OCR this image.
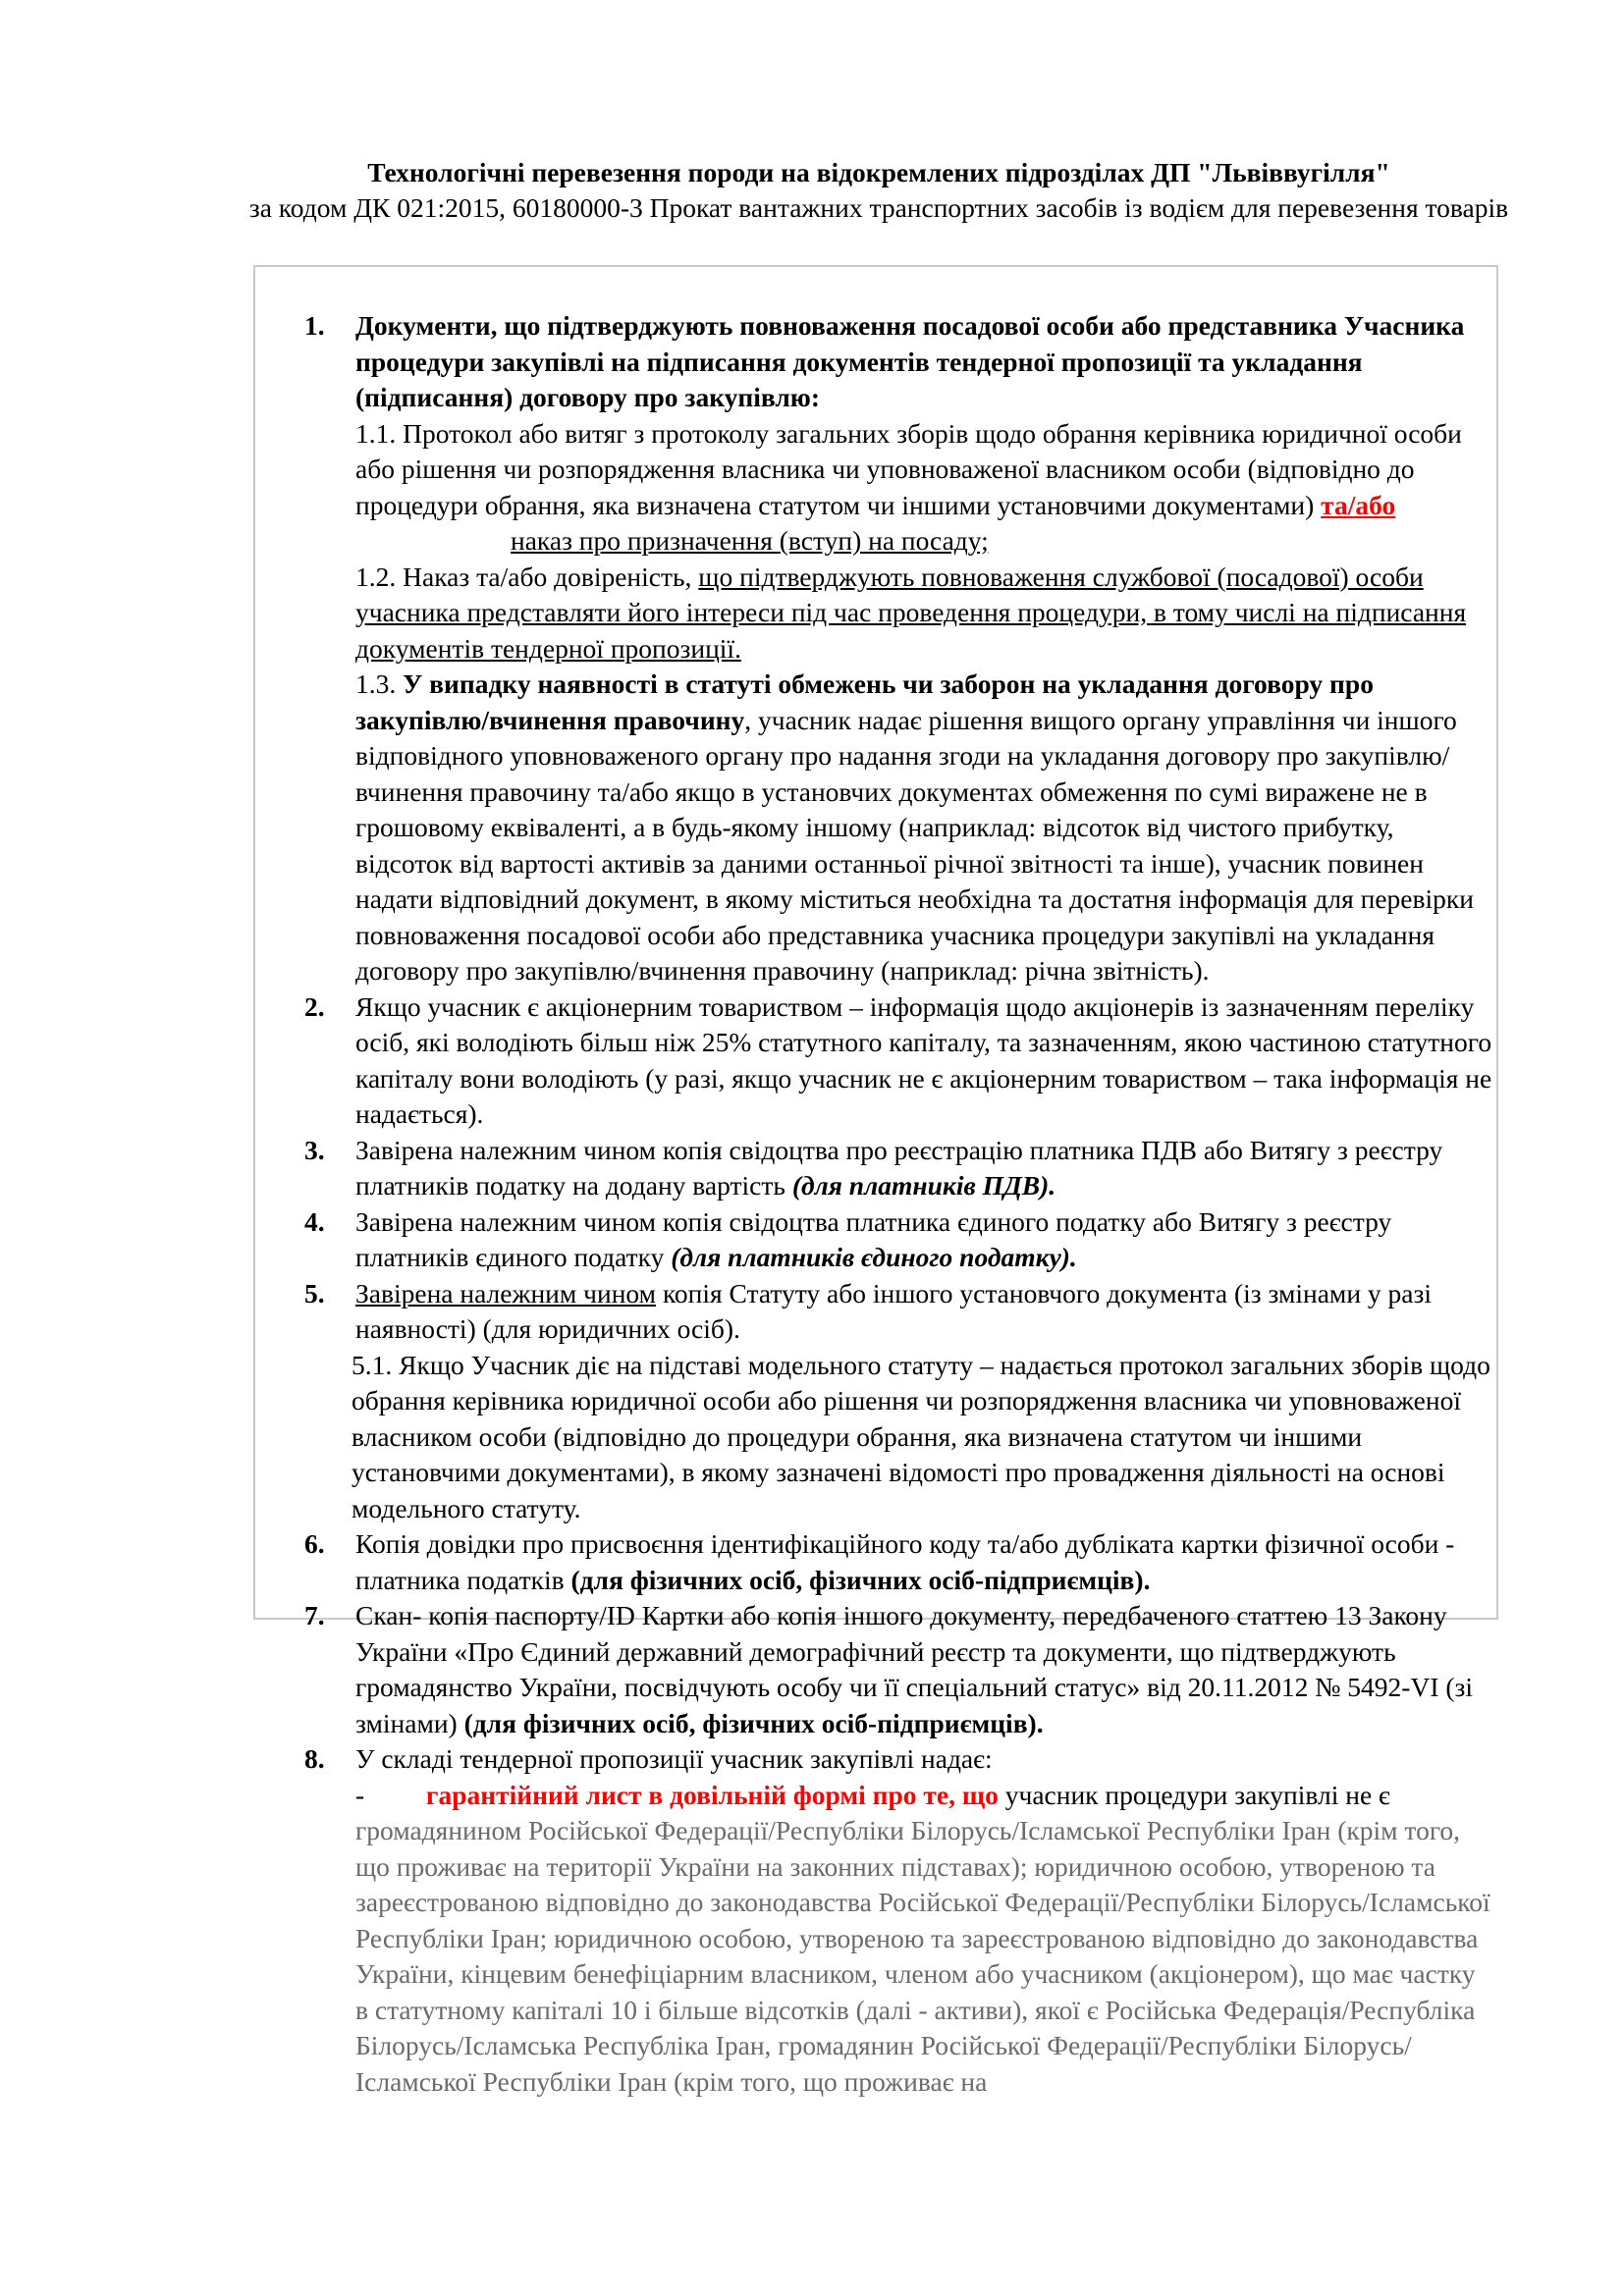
Технологічні перевезення породи на відокремлених підрозділах ДП "Львіввугілля"
за кодом ДК 021:2015, 60180000-3 Прокат вантажних транспортних засобів із водієм для перевезення товарів
1. Документи, що підтверджують повноваження посадової особи або представника Учасника процедури закупівлі на підписання документів тендерної пропозиції та укладання (підписання) договору про закупівлю:
1.1. Протокол або витяг з протоколу загальних зборів щодо обрання керівника юридичної особи або рішення чи розпорядження власника чи уповноваженої власником особи (відповідно до процедури обрання, яка визначена статутом чи іншими установчими документами) та/абонаказ про призначення (вступ) на посаду;
1.2. Наказ та/або довіреність, що підтверджують повноваження службової (посадової) особи учасника представляти його інтереси під час проведення процедури, в тому числі на підписання документів тендерної пропозиції.
1.3. У випадку наявності в статуті обмежень чи заборон на укладання договору про закупівлю/вчинення правочину, учасник надає рішення вищого органу управління чи іншого відповідного уповноваженого органу про надання згоди на укладання договору про закупівлю/вчинення правочину та/або якщо в установчих документах обмеження по сумі виражене не в грошовому еквіваленті, а в будь-якому іншому (наприклад: відсоток від чистого прибутку, відсоток від вартості активів за даними останньої річної звітності та інше), учасник повинен надати відповідний документ, в якому міститься необхідна та достатня інформація для перевірки повноваження посадової особи або представника учасника процедури закупівлі на укладання договору про закупівлю/вчинення правочину (наприклад: річна звітність).
2. Якщо учасник є акціонерним товариством – інформація щодо акціонерів із зазначенням переліку осіб, які володіють більш ніж 25% статутного капіталу, та зазначенням, якою частиною статутного капіталу вони володіють (у разі, якщо учасник не є акціонерним товариством – така інформація не надається).
3. Завірена належним чином копія свідоцтва про реєстрацію платника ПДВ або Витягу з реєстру платників податку на додану вартість (для платників ПДВ).
4. Завірена належним чином копія свідоцтва платника єдиного податку або Витягу з реєстру платників єдиного податку (для платників єдиного податку).
5. Завірена належним чином копія Статуту або іншого установчого документа (із змінами у разі наявності) (для юридичних осіб).
5.1. Якщо Учасник діє на підставі модельного статуту – надається протокол загальних зборів щодо обрання керівника юридичної особи або рішення чи розпорядження власника чи уповноваженої власником особи (відповідно до процедури обрання, яка визначена статутом чи іншими установчими документами), в якому зазначені відомості про провадження діяльності на основі модельного статуту.
6. Копія довідки про присвоєння ідентифікаційного коду та/або дубліката картки фізичної особи - платника податків (для фізичних осіб, фізичних осіб-підприємців).
7. Скан- копія паспорту/ID Картки або копія іншого документу, передбаченого статтею 13 Закону України «Про Єдиний державний демографічний реєстр та документи, що підтверджують громадянство України, посвідчують особу чи її спеціальний статус» від 20.11.2012 № 5492-VI (зі змінами) (для фізичних осіб, фізичних осіб-підприємців).
8. У складі тендерної пропозиції учасник закупівлі надає:
- гарантійний лист в довільній формі про те, що учасник процедури закупівлі не є громадянином Російської Федерації/Республіки Білорусь/Ісламської Республіки Іран (крім того, що проживає на території України на законних підставах); юридичною особою, утвореною та зареєстрованою відповідно до законодавства Російської Федерації/Республіки Білорусь/Ісламської Республіки Іран; юридичною особою, утвореною та зареєстрованою відповідно до законодавства України, кінцевим бенефіціарним власником, членом або учасником (акціонером), що має частку в статутному капіталі 10 і більше відсотків (далі - активи), якої є Російська Федерація/Республіка Білорусь/Ісламська Республіка Іран, громадянин Російської Федерації/Республіки Білорусь/Ісламської Республіки Іран (крім того, що проживає на
